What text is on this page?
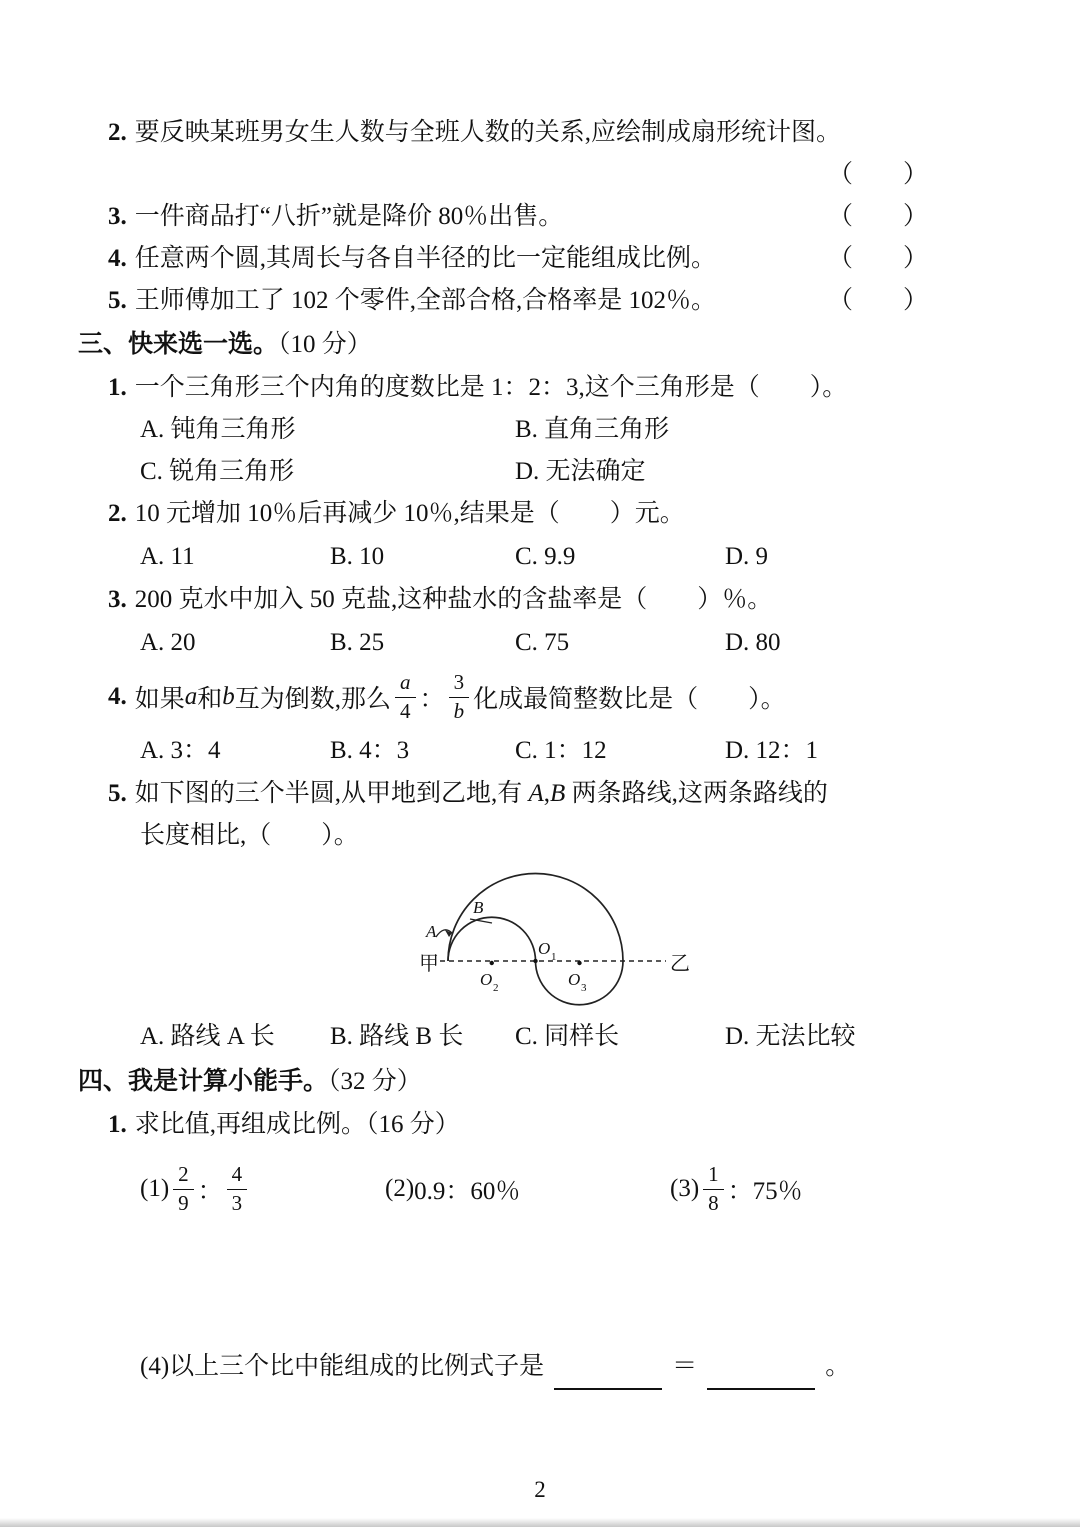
2. 要反映某班男女生人数与全班人数的关系,应绘制成扇形统计图。
（　　）
3. 一件商品打“八折”就是降价 80％出售。	（　　）
4. 任意两个圆,其周长与各自半径的比一定能组成比例。	（　　）
5. 王师傅加工了 102 个零件,全部合格,合格率是 102％。	（　　）
三、快来选一选。（10 分）
1. 一个三角形三个内角的度数比是 1：2：3,这个三角形是（　　）。
A. 钝角三角形	B. 直角三角形
C. 锐角三角形	D. 无法确定
2. 10 元增加 10％后再减少 10％,结果是（　　）元。
A. 11	B. 10	C. 9.9	D. 9
3. 200 克水中加入 50 克盐,这种盐水的含盐率是（　　）％。
A. 20	B. 25	C. 75	D. 80
4. 如果 a 和 b 互为倒数,那么 $\frac{a}{4}$ ： $\frac{3}{b}$ 化成最简整数比是（　　）。
A. 3：4	B. 4：3	C. 1：12	D. 12：1
5. 如下图的三个半圆,从甲地到乙地,有 A,B 两条路线,这两条路线的
长度相比,（　　）。
A
B
甲	乙
O 1
O 2	O 3
A. 路线 A 长	B. 路线 B 长	C. 同样长	D. 无法比较
四、我是计算小能手。（32 分）
1. 求比值,再组成比例。（16 分）
$(1) \frac{2}{9}$ ： $\frac{4}{3}$	(2) 0.9：60％	$(3) \frac{1}{8}$ ：75％
(4)以上三个比中能组成的比例式子是	＝	。
2
